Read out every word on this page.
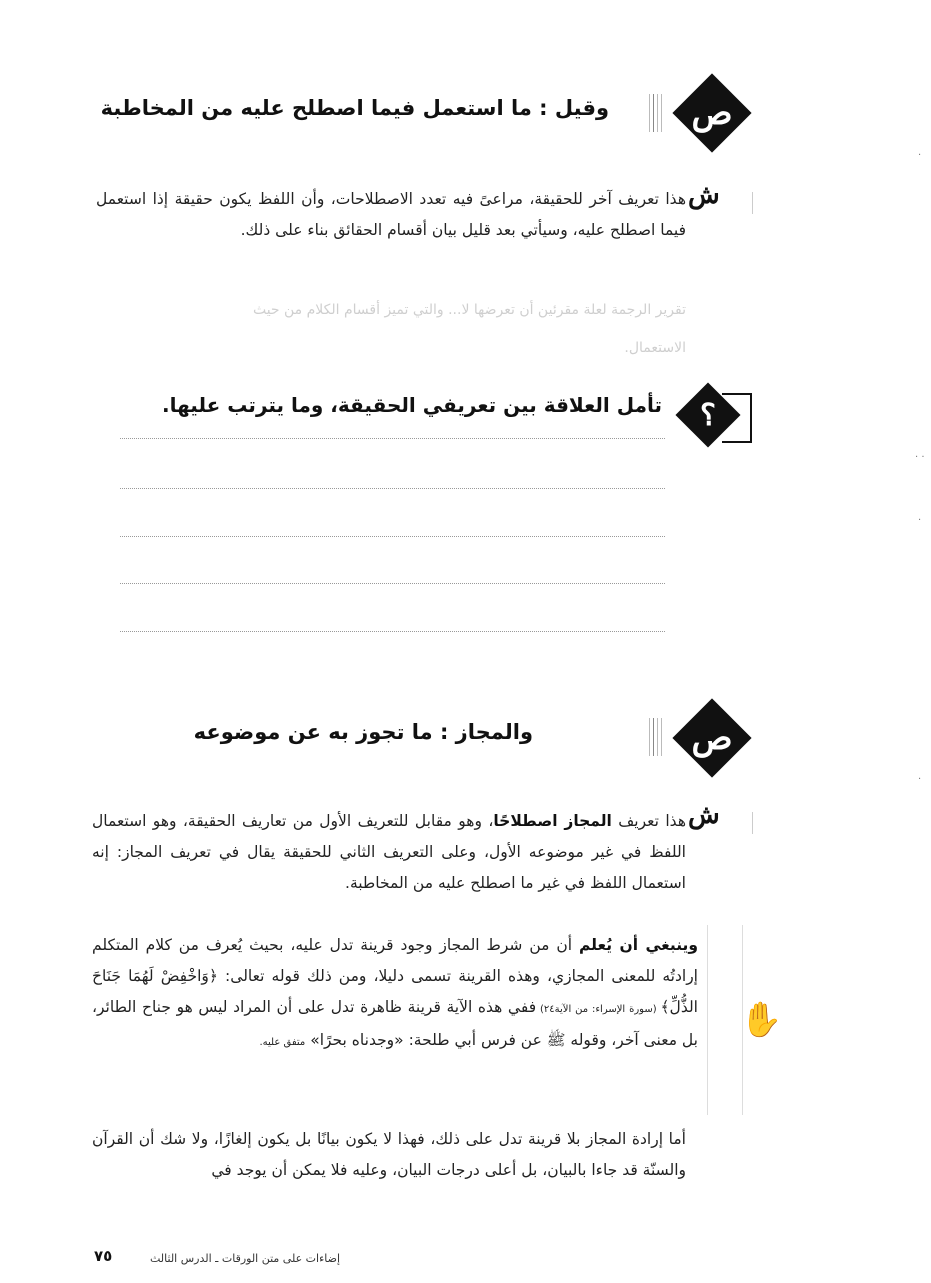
ص
وقيل : ما استعمل فيما اصطلح عليه من المخاطبة
ش
هذا تعريف آخر للحقيقة، مراعىً فيه تعدد الاصطلاحات، وأن اللفظ يكون حقيقة إذا استعمل فيما اصطلح عليه، وسيأتي بعد قليل بيان أقسام الحقائق بناء على ذلك.
تقرير الرجمة لعلة مقرئين أن تعرضها لا... والتي تميز أقسام الكلام من حيث
الاستعمال.
؟
تأمل العلاقة بين تعريفي الحقيقة، وما يترتب عليها.
ص
والمجاز : ما تجوز به عن موضوعه
ش
هذا تعريف المجاز اصطلاحًا، وهو مقابل للتعريف الأول من تعاريف الحقيقة، وهو استعمال اللفظ في غير موضوعه الأول، وعلى التعريف الثاني للحقيقة يقال في تعريف المجاز: إنه استعمال اللفظ في غير ما اصطلح عليه من المخاطبة.
✋
وينبغي أن يُعلم أن من شرط المجاز وجود قرينة تدل عليه، بحيث يُعرف من كلام المتكلم إرادتُه للمعنى المجازي، وهذه القرينة تسمى دليلا، ومن ذلك قوله تعالى: ﴿وَاخْفِضْ لَهُمَا جَنَاحَ الذُّلِّ﴾ (سورة الإسراء: من الآية٢٤) ففي هذه الآية قرينة ظاهرة تدل على أن المراد ليس هو جناح الطائر، بل معنى آخر، وقوله ﷺ عن فرس أبي طلحة: «وجدناه بحرًا» متفق عليه.
أما إرادة المجاز بلا قرينة تدل على ذلك، فهذا لا يكون بيانًا بل يكون إلغازًا، ولا شك أن القرآن والسنّة قد جاءا بالبيان، بل أعلى درجات البيان، وعليه فلا يمكن أن يوجد في
·
· ·
.
·
إضاءات على متن الورقات ـ الدرس الثالث
٧٥
